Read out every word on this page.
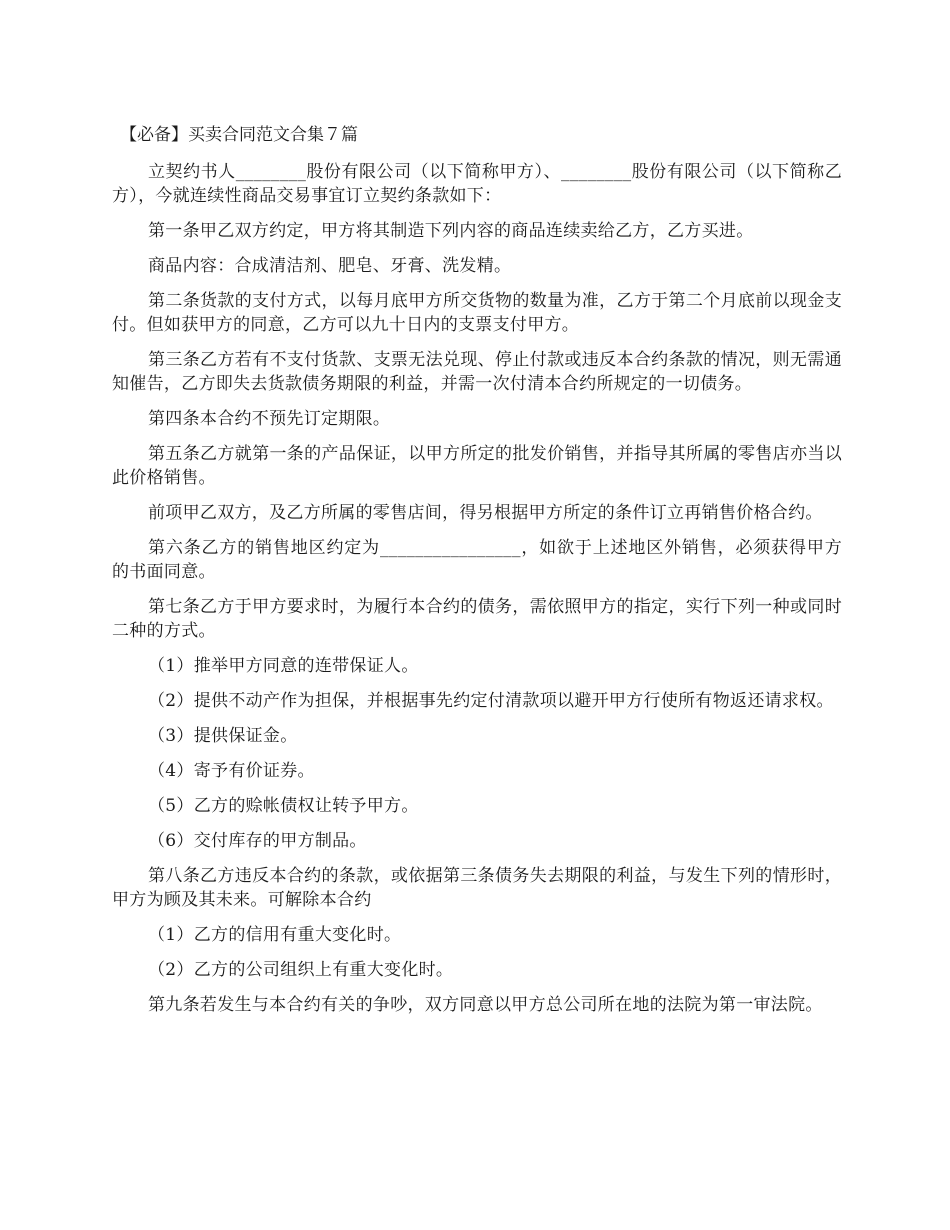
【必备】买卖合同范文合集７篇

立契约书人________股份有限公司（以下简称甲方）、________股份有限公司（以下简称乙方），今就连续性商品交易事宜订立契约条款如下：

第一条甲乙双方约定，甲方将其制造下列内容的商品连续卖给乙方，乙方买进。

商品内容：合成清洁剂、肥皂、牙膏、洗发精。

第二条货款的支付方式，以每月底甲方所交货物的数量为准，乙方于第二个月底前以现金支付。但如获甲方的同意，乙方可以九十日内的支票支付甲方。

第三条乙方若有不支付货款、支票无法兑现、停止付款或违反本合约条款的情况，则无需通知催告，乙方即失去货款债务期限的利益，并需一次付清本合约所规定的一切债务。

第四条本合约不预先订定期限。

第五条乙方就第一条的产品保证，以甲方所定的批发价销售，并指导其所属的零售店亦当以此价格销售。

前项甲乙双方，及乙方所属的零售店间，得另根据甲方所定的条件订立再销售价格合约。

第六条乙方的销售地区约定为________________，如欲于上述地区外销售，必须获得甲方的书面同意。

第七条乙方于甲方要求时，为履行本合约的债务，需依照甲方的指定，实行下列一种或同时二种的方式。

（1）推举甲方同意的连带保证人。

（2）提供不动产作为担保，并根据事先约定付清款项以避开甲方行使所有物返还请求权。

（3）提供保证金。

（4）寄予有价证券。

（5）乙方的赊帐债权让转予甲方。

（6）交付库存的甲方制品。

第八条乙方违反本合约的条款，或依据第三条债务失去期限的利益，与发生下列的情形时，甲方为顾及其未来。可解除本合约

（1）乙方的信用有重大变化时。

（2）乙方的公司组织上有重大变化时。

第九条若发生与本合约有关的争吵，双方同意以甲方总公司所在地的法院为第一审法院。
